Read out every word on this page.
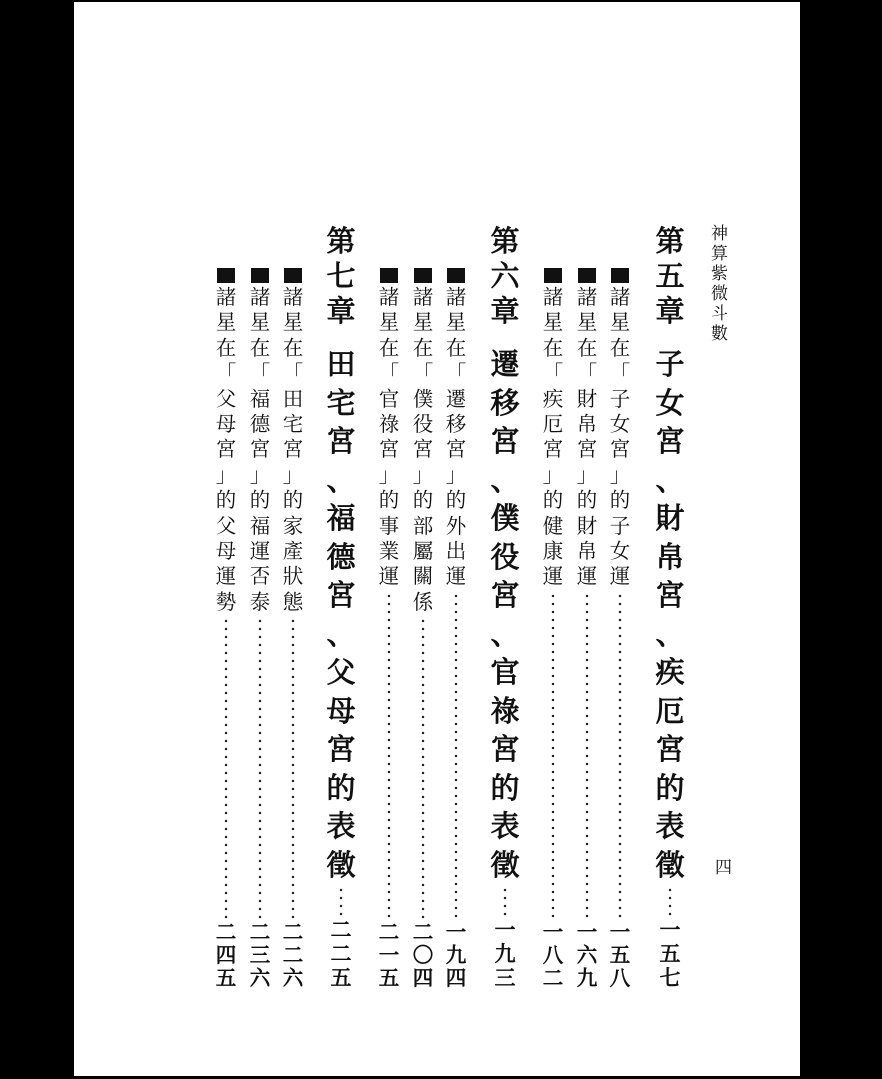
神
算
紫
微
斗
數
四
第
五
章
子
女
宮
、
財
帛
宮
、
疾
厄
宮
的
表
徵
一
五
七
諸
星
在
「
子
女
宮
」
的
子
女
運
一
五
八
諸
星
在
「
財
帛
宮
」
的
財
帛
運
一
六
九
諸
星
在
「
疾
厄
宮
」
的
健
康
運
一
八
二
第
六
章
遷
移
宮
、
僕
役
宮
、
官
祿
宮
的
表
徵
一
九
三
諸
星
在
「
遷
移
宮
」
的
外
出
運
一
九
四
諸
星
在
「
僕
役
宮
」
的
部
屬
關
係
二
〇
四
諸
星
在
「
官
祿
宮
」
的
事
業
運
二
一
五
第
七
章
田
宅
宮
、
福
德
宮
、
父
母
宮
的
表
徵
二
二
五
諸
星
在
「
田
宅
宮
」
的
家
產
狀
態
二
二
六
諸
星
在
「
福
德
宮
」
的
福
運
否
泰
二
三
六
諸
星
在
「
父
母
宮
」
的
父
母
運
勢
二
四
五
